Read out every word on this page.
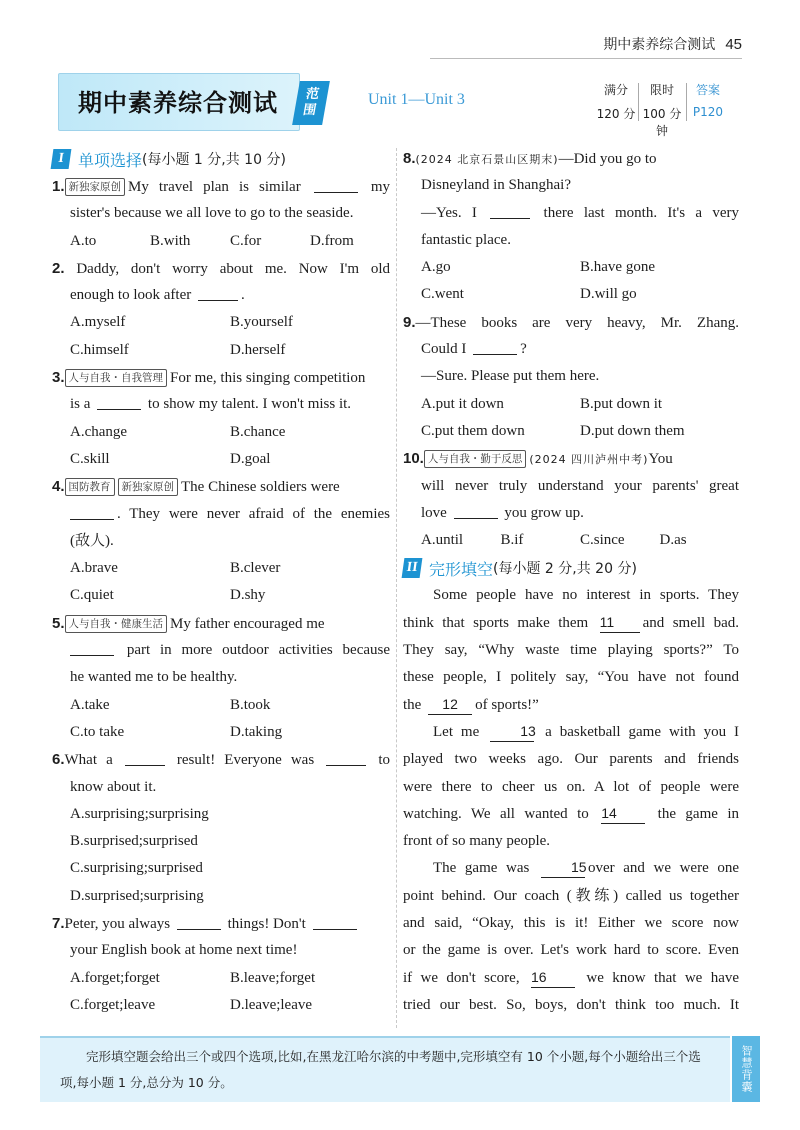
期中素养综合测试 45
期中素养综合测试 范
围
Unit 1—Unit 3
满分
120 分
限时
100 分钟
答案
P120
I 单项选择 (每小题 1 分,共 10 分)
1. 新独家原创 My travel plan is similar	my
sister's because we all love to go to the seaside.
A.to	B.with	C.for	D.from
2. Daddy, don't worry about me. Now I'm old
enough to look after	.
A.myself	B.yourself
C.himself	D.herself
3. 人与自我・自我管理 For me, this singing competition
is a	to show my talent. I won't miss it.
A.change	B.chance
C.skill	D.goal
4. 国防教育 新独家原创 The Chinese soldiers were
. They were never afraid of the enemies
(敌人).
A.brave	B.clever
C.quiet	D.shy
5. 人与自我・健康生活 My father encouraged me
part in more outdoor activities because
he wanted me to be healthy.
A.take	B.took
C.to take	D.taking
6.What a	result! Everyone was	to
know about it.
A.surprising;surprising
B.surprised;surprised
C.surprising;surprised
D.surprised;surprising
7.Peter, you always	things! Don't
your English book at home next time!
A.forget;forget	B.leave;forget
C.forget;leave	D.leave;leave
8.(2024 北京石景山区期末)—Did you go to
Disneyland in Shanghai?
—Yes. I	there last month. It's a very
fantastic place.
A.go	B.have gone
C.went	D.will go
9.—These books are very heavy, Mr. Zhang.
Could I	?
—Sure. Please put them here.
A.put it down	B.put down it
C.put them down	D.put down them
10. 人与自我・勤于反思 (2024 四川泸州中考)You
will never truly understand your parents' great
love	you grow up.
A.until	B.if	C.since	D.as
II 完形填空 (每小题 2 分,共 20 分)
Some people have no interest in sports. They
think that sports make them 11 and smell bad.
They say, “Why waste time playing sports?” To
these people, I politely say, “You have not found
the 12 of sports!”
Let me	13 a basketball game with you I
played two weeks ago. Our parents and friends
were there to cheer us on. A lot of people were
watching. We all wanted to 14	the game in
front of so many people.
The game was	15over and we were one
point behind. Our coach (教练) called us together
and said, “Okay, this is it! Either we score now
or the game is over. Let's work hard to score. Even
if we don't score, 16	we know that we have
tried our best. So, boys, don't think too much. It
完形填空题会给出三个或四个选项,比如,在黑龙江哈尔滨的中考题中,完形填空有 10 个小题,每个小题给出三个选项,每小题 1 分,总分为 10 分。	智慧背囊
